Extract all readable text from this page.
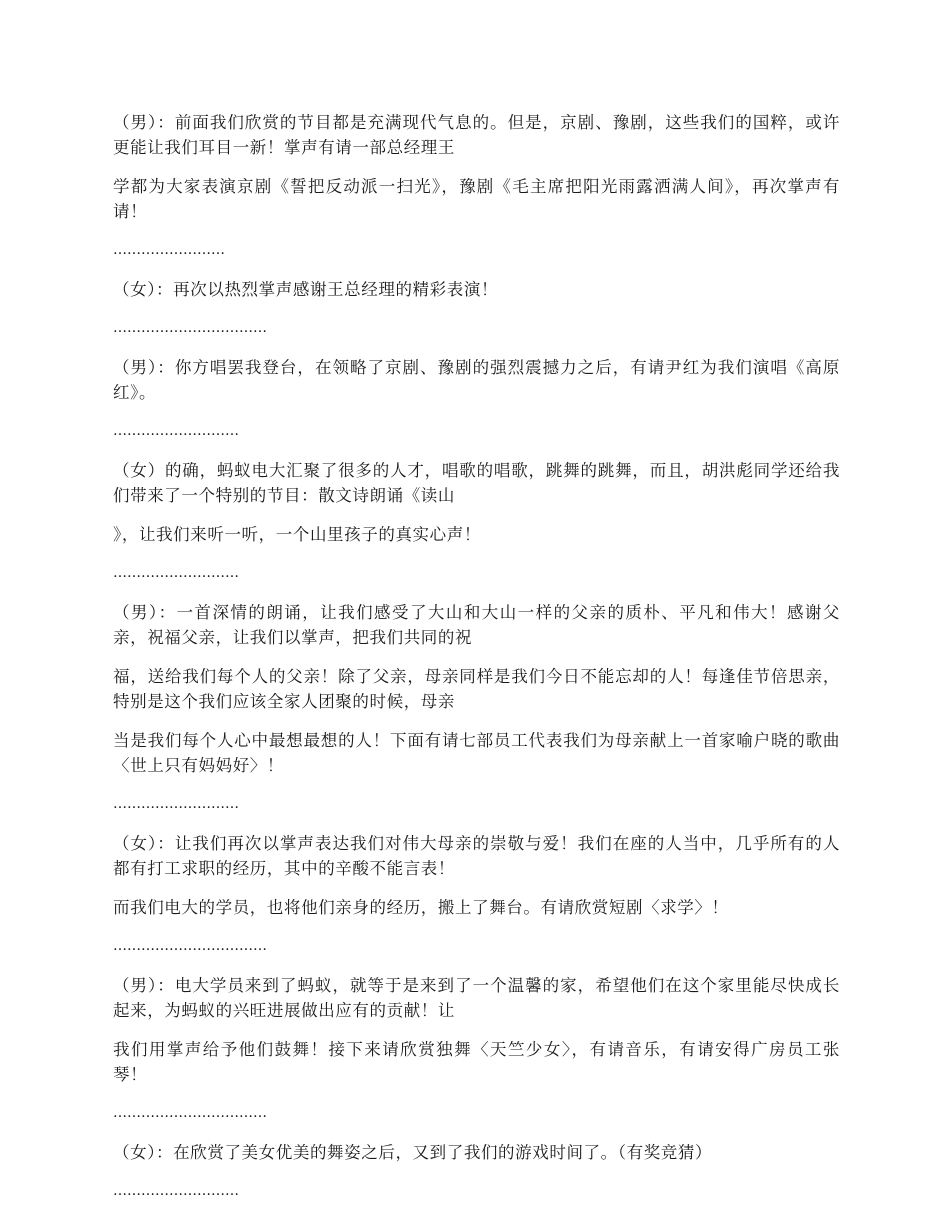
（男）：前面我们欣赏的节目都是充满现代气息的。但是，京剧、豫剧，这些我们的国粹，或许更能让我们耳目一新！掌声有请一部总经理王

学都为大家表演京剧《誓把反动派一扫光》，豫剧《毛主席把阳光雨露洒满人间》，再次掌声有请！

……………………

（女）：再次以热烈掌声感谢王总经理的精彩表演！

……………………………

（男）：你方唱罢我登台，在领略了京剧、豫剧的强烈震撼力之后，有请尹红为我们演唱《高原红》。

………………………

（女）的确，蚂蚁电大汇聚了很多的人才，唱歌的唱歌，跳舞的跳舞，而且，胡洪彪同学还给我们带来了一个特别的节目：散文诗朗诵《读山

》，让我们来听一听，一个山里孩子的真实心声！

………………………

（男）：一首深情的朗诵，让我们感受了大山和大山一样的父亲的质朴、平凡和伟大！感谢父亲，祝福父亲，让我们以掌声，把我们共同的祝

福，送给我们每个人的父亲！除了父亲，母亲同样是我们今日不能忘却的人！每逢佳节倍思亲，特别是这个我们应该全家人团聚的时候，母亲

当是我们每个人心中最想最想的人！下面有请七部员工代表我们为母亲献上一首家喻户晓的歌曲〈世上只有妈妈好〉！

………………………

（女）：让我们再次以掌声表达我们对伟大母亲的崇敬与爱！我们在座的人当中，几乎所有的人都有打工求职的经历，其中的辛酸不能言表！

而我们电大的学员，也将他们亲身的经历，搬上了舞台。有请欣赏短剧〈求学〉！

……………………………

（男）：电大学员来到了蚂蚁，就等于是来到了一个温馨的家，希望他们在这个家里能尽快成长起来，为蚂蚁的兴旺进展做出应有的贡献！让

我们用掌声给予他们鼓舞！接下来请欣赏独舞〈天竺少女〉，有请音乐，有请安得广房员工张琴！

……………………………

（女）：在欣赏了美女优美的舞姿之后，又到了我们的游戏时间了。（有奖竞猜）

………………………
